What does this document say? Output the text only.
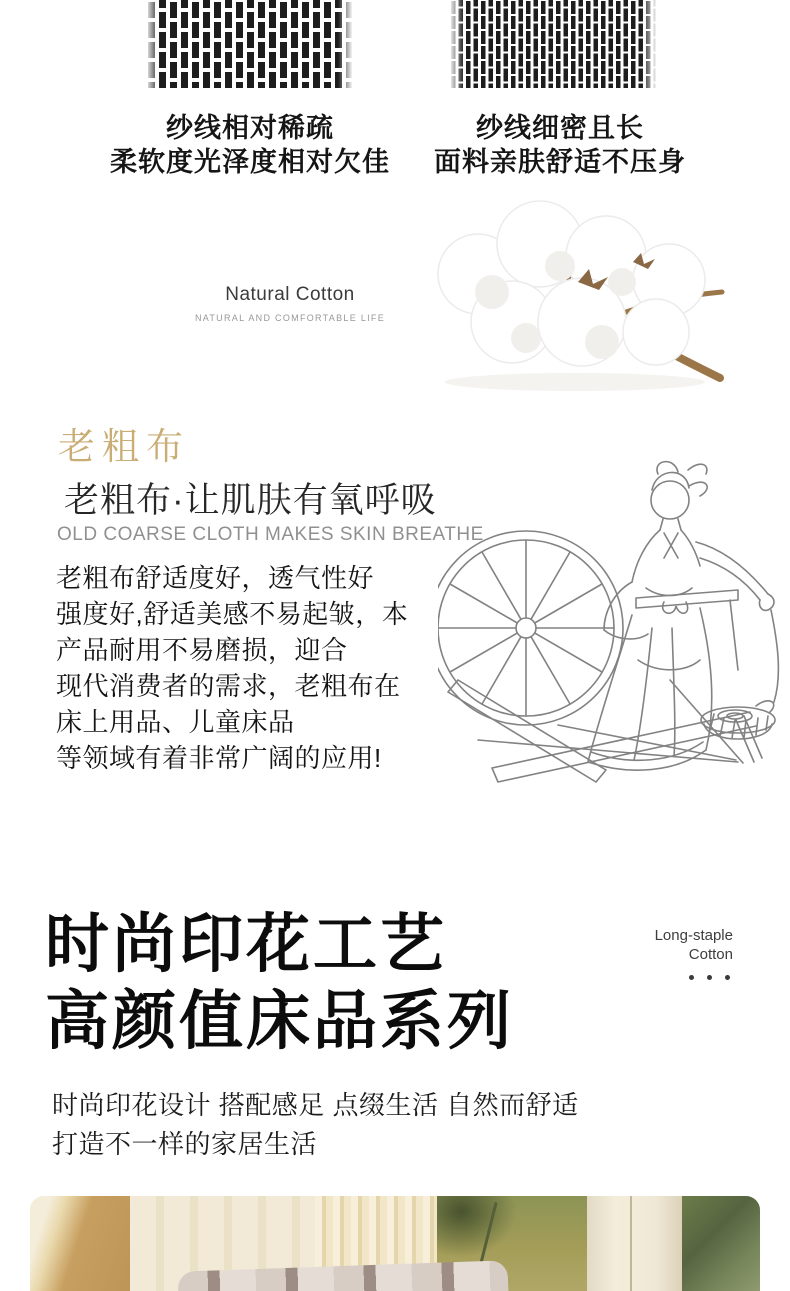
纱线相对稀疏
柔软度光泽度相对欠佳
纱线细密且长
面料亲肤舒适不压身
Natural Cotton
NATURAL AND COMFORTABLE LIFE
老粗布
老粗布·让肌肤有氧呼吸
OLD COARSE CLOTH MAKES SKIN BREATHE
老粗布舒适度好，透气性好
强度好,舒适美感不易起皱，本
产品耐用不易磨损，迎合
现代消费者的需求，老粗布在
床上用品、儿童床品
等领域有着非常广阔的应用!
时尚印花工艺
高颜值床品系列
Long-staple
Cotton
时尚印花设计 搭配感足 点缀生活 自然而舒适
打造不一样的家居生活
